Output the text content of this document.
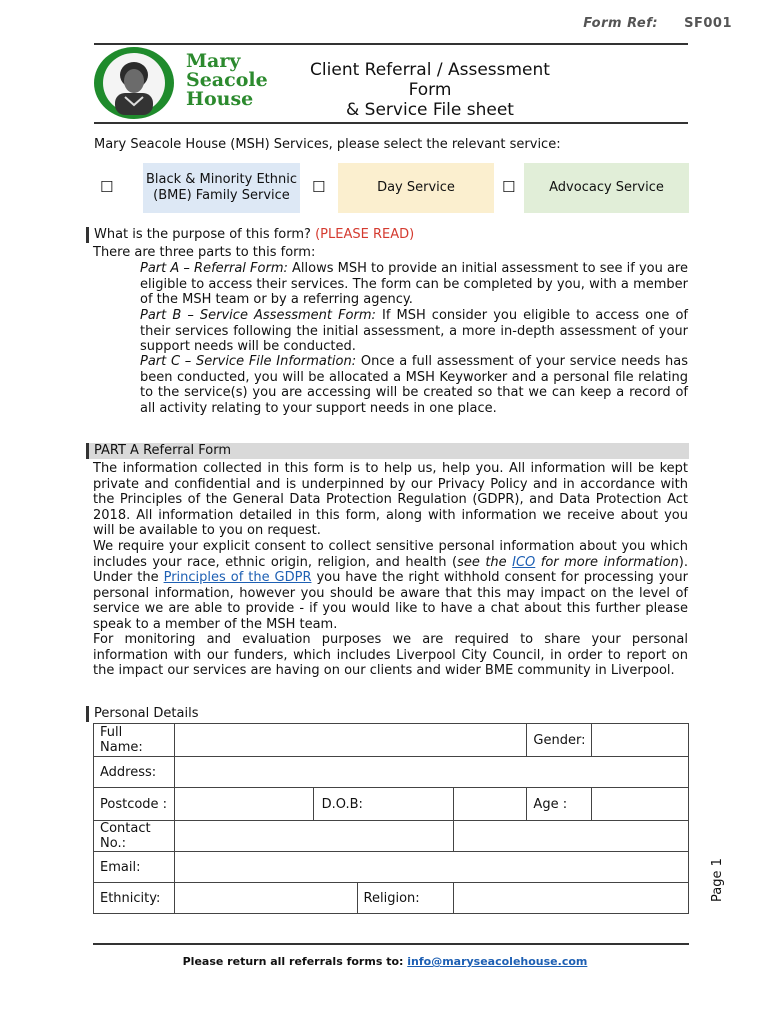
Form Ref: SF001
Mary
Seacole
House
Client Referral / Assessment
Form
& Service File sheet
Mary Seacole House (MSH) Services, please select the relevant service:
☐	Black & Minority Ethnic (BME) Family Service	☐	Day Service	☐	Advocacy Service
What is the purpose of this form? (PLEASE READ)
There are three parts to this form:
Part A – Referral Form: Allows MSH to provide an initial assessment to see if you are eligible to access their services. The form can be completed by you, with a member of the MSH team or by a referring agency.
Part B – Service Assessment Form: If MSH consider you eligible to access one of their services following the initial assessment, a more in-depth assessment of your support needs will be conducted.
Part C – Service File Information: Once a full assessment of your service needs has been conducted, you will be allocated a MSH Keyworker and a personal file relating to the service(s) you are accessing will be created so that we can keep a record of all activity relating to your support needs in one place.
PART A Referral Form
The information collected in this form is to help us, help you. All information will be kept private and confidential and is underpinned by our Privacy Policy and in accordance with the Principles of the General Data Protection Regulation (GDPR), and Data Protection Act 2018. All information detailed in this form, along with information we receive about you will be available to you on request.
We require your explicit consent to collect sensitive personal information about you which includes your race, ethnic origin, religion, and health (see the ICO for more information). Under the Principles of the GDPR you have the right withhold consent for processing your personal information, however you should be aware that this may impact on the level of service we are able to provide - if you would like to have a chat about this further please speak to a member of the MSH team.
For monitoring and evaluation purposes we are required to share your personal information with our funders, which includes Liverpool City Council, in order to report on the impact our services are having on our clients and wider BME community in Liverpool.
Personal Details
Full Name:					Gender:	
Address:						
Postcode :		D.O.B:			Age :	
Contact No.:						
Email:						
Ethnicity:			Religion:			
Please return all referrals forms to: info@maryseacolehouse.com
Page 1
